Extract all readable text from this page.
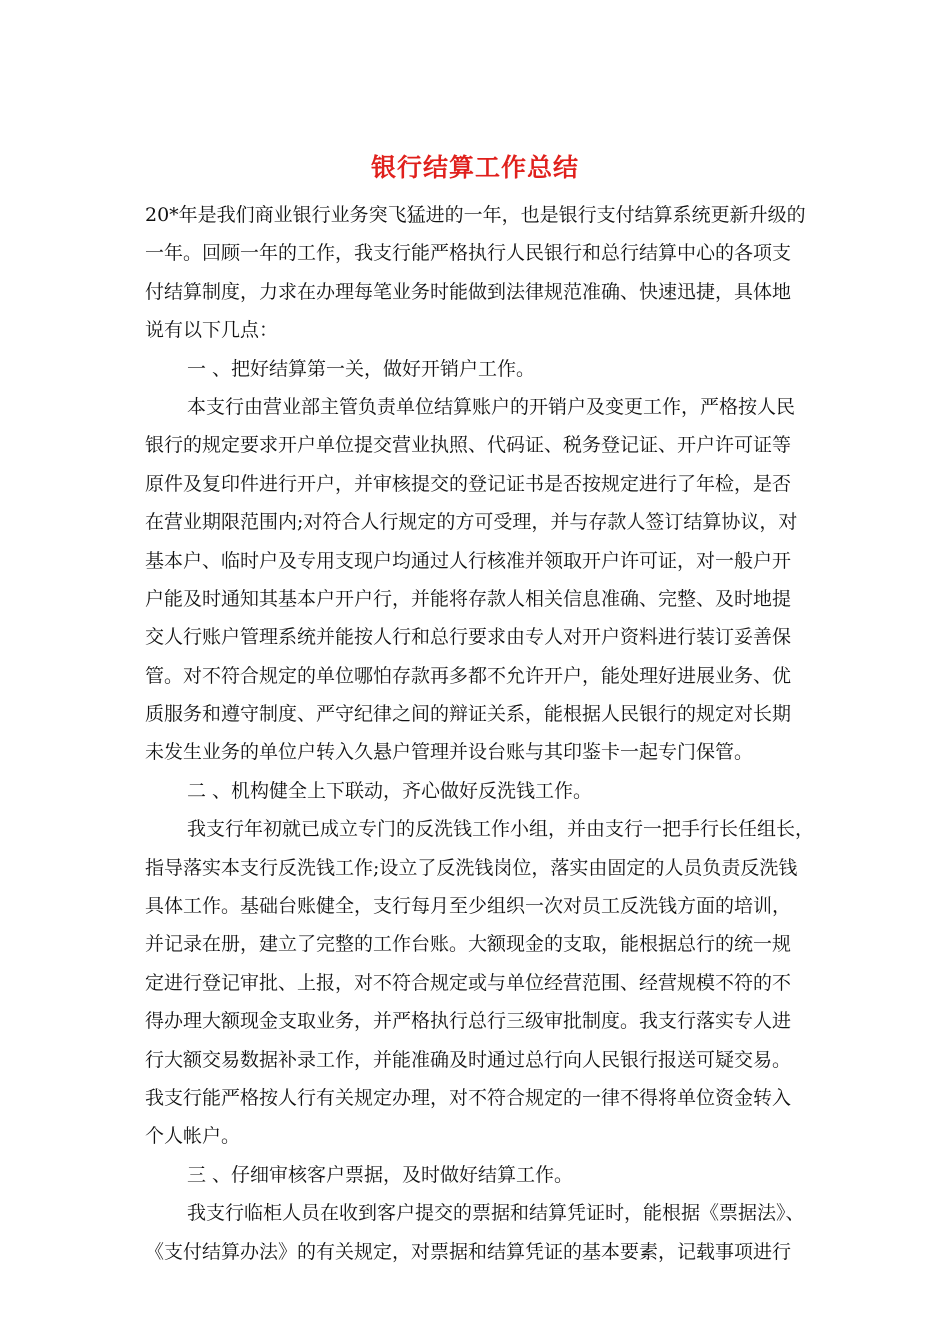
银行结算工作总结
20*年是我们商业银行业务突飞猛进的一年，也是银行支付结算系统更新升级的
一年。回顾一年的工作，我支行能严格执行人民银行和总行结算中心的各项支
付结算制度，力求在办理每笔业务时能做到法律规范准确、快速迅捷，具体地
说有以下几点：
一 、把好结算第一关，做好开销户工作。
本支行由营业部主管负责单位结算账户的开销户及变更工作，严格按人民
银行的规定要求开户单位提交营业执照、代码证、税务登记证、开户许可证等
原件及复印件进行开户，并审核提交的登记证书是否按规定进行了年检，是否
在营业期限范围内;对符合人行规定的方可受理，并与存款人签订结算协议，对
基本户、临时户及专用支现户均通过人行核准并领取开户许可证，对一般户开
户能及时通知其基本户开户行，并能将存款人相关信息准确、完整、及时地提
交人行账户管理系统并能按人行和总行要求由专人对开户资料进行装订妥善保
管。对不符合规定的单位哪怕存款再多都不允许开户，能处理好进展业务、优
质服务和遵守制度、严守纪律之间的辩证关系，能根据人民银行的规定对长期
未发生业务的单位户转入久悬户管理并设台账与其印鉴卡一起专门保管。
二 、机构健全上下联动，齐心做好反洗钱工作。
我支行年初就已成立专门的反洗钱工作小组，并由支行一把手行长任组长，
指导落实本支行反洗钱工作;设立了反洗钱岗位，落实由固定的人员负责反洗钱
具体工作。基础台账健全，支行每月至少组织一次对员工反洗钱方面的培训，
并记录在册，建立了完整的工作台账。大额现金的支取，能根据总行的统一规
定进行登记审批、上报，对不符合规定或与单位经营范围、经营规模不符的不
得办理大额现金支取业务，并严格执行总行三级审批制度。我支行落实专人进
行大额交易数据补录工作，并能准确及时通过总行向人民银行报送可疑交易。
我支行能严格按人行有关规定办理，对不符合规定的一律不得将单位资金转入
个人帐户。
三 、仔细审核客户票据，及时做好结算工作。
我支行临柜人员在收到客户提交的票据和结算凭证时，能根据《票据法》、
《支付结算办法》的有关规定，对票据和结算凭证的基本要素，记载事项进行
